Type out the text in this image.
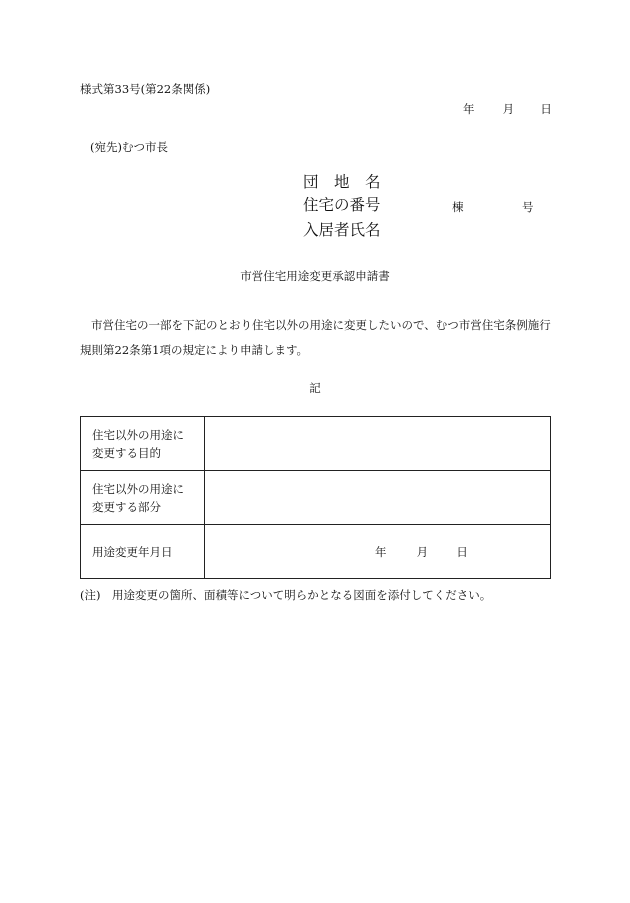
様式第33号(第22条関係)
年 月 日
(宛先)むつ市長
団　地　名
住宅の番号	棟	号
入居者氏名
市営住宅用途変更承認申請書
市営住宅の一部を下記のとおり住宅以外の用途に変更したいので、むつ市営住宅条例施行規則第22条第1項の規定により申請します。
記
住宅以外の用途に
変更する目的	

住宅以外の用途に
変更する部分	

用途変更年月日	年 月 日
(注)　用途変更の箇所、面積等について明らかとなる図面を添付してください。
